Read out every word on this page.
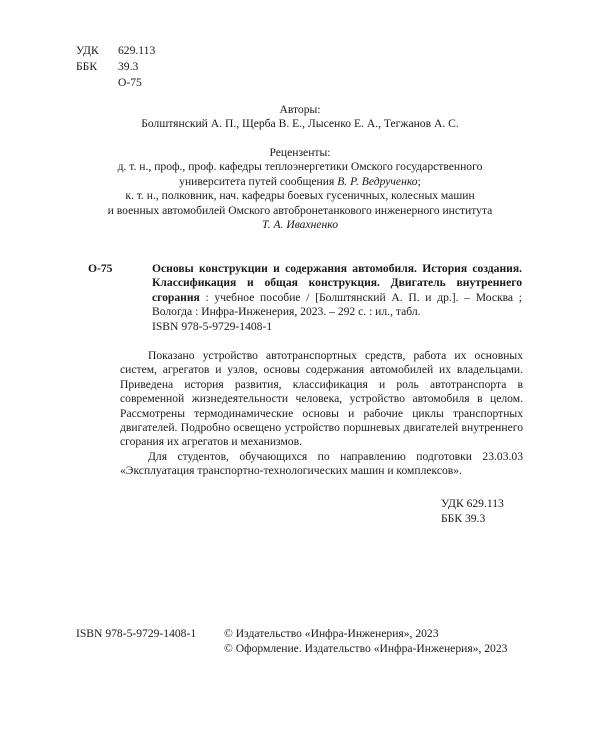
УДК	629.113
ББК	39.3
О-75
Авторы:
Болштянский А. П., Щерба В. Е., Лысенко Е. А., Тегжанов А. С.
Рецензенты:
д. т. н., проф., проф. кафедры теплоэнергетики Омского государственного
университета путей сообщения В. Р. Ведрученко;
к. т. н., полковник, нач. кафедры боевых гусеничных, колесных машин
и военных автомобилей Омского автобронетанкового инженерного института
Т. А. Ивахненко
О-75	Основы конструкции и содержания автомобиля. История создания. Классификация и общая конструкция. Двигатель внутреннего сгорания : учебное пособие / [Болштянский А. П. и др.]. – Москва ; Вологда : Инфра-Инженерия, 2023. – 292 с. : ил., табл.

ISBN 978-5-9729-1408-1

Показано устройство автотранспортных средств, работа их основных систем, агрегатов и узлов, основы содержания автомобилей их владельцами. Приведена история развития, классификация и роль автотранспорта в современной жизнедеятельности человека, устройство автомобиля в целом. Рассмотрены термодинамические основы и рабочие циклы транспортных двигателей. Подробно освещено устройство поршневых двигателей внутреннего сгорания их агрегатов и механизмов.

Для студентов, обучающихся по направлению подготовки 23.03.03 «Эксплуатация транспортно-технологических машин и комплексов».

УДК 629.113
ББК 39.3
ISBN 978-5-9729-1408-1 © Издательство «Инфра-Инженерия», 2023
© Оформление. Издательство «Инфра-Инженерия», 2023
